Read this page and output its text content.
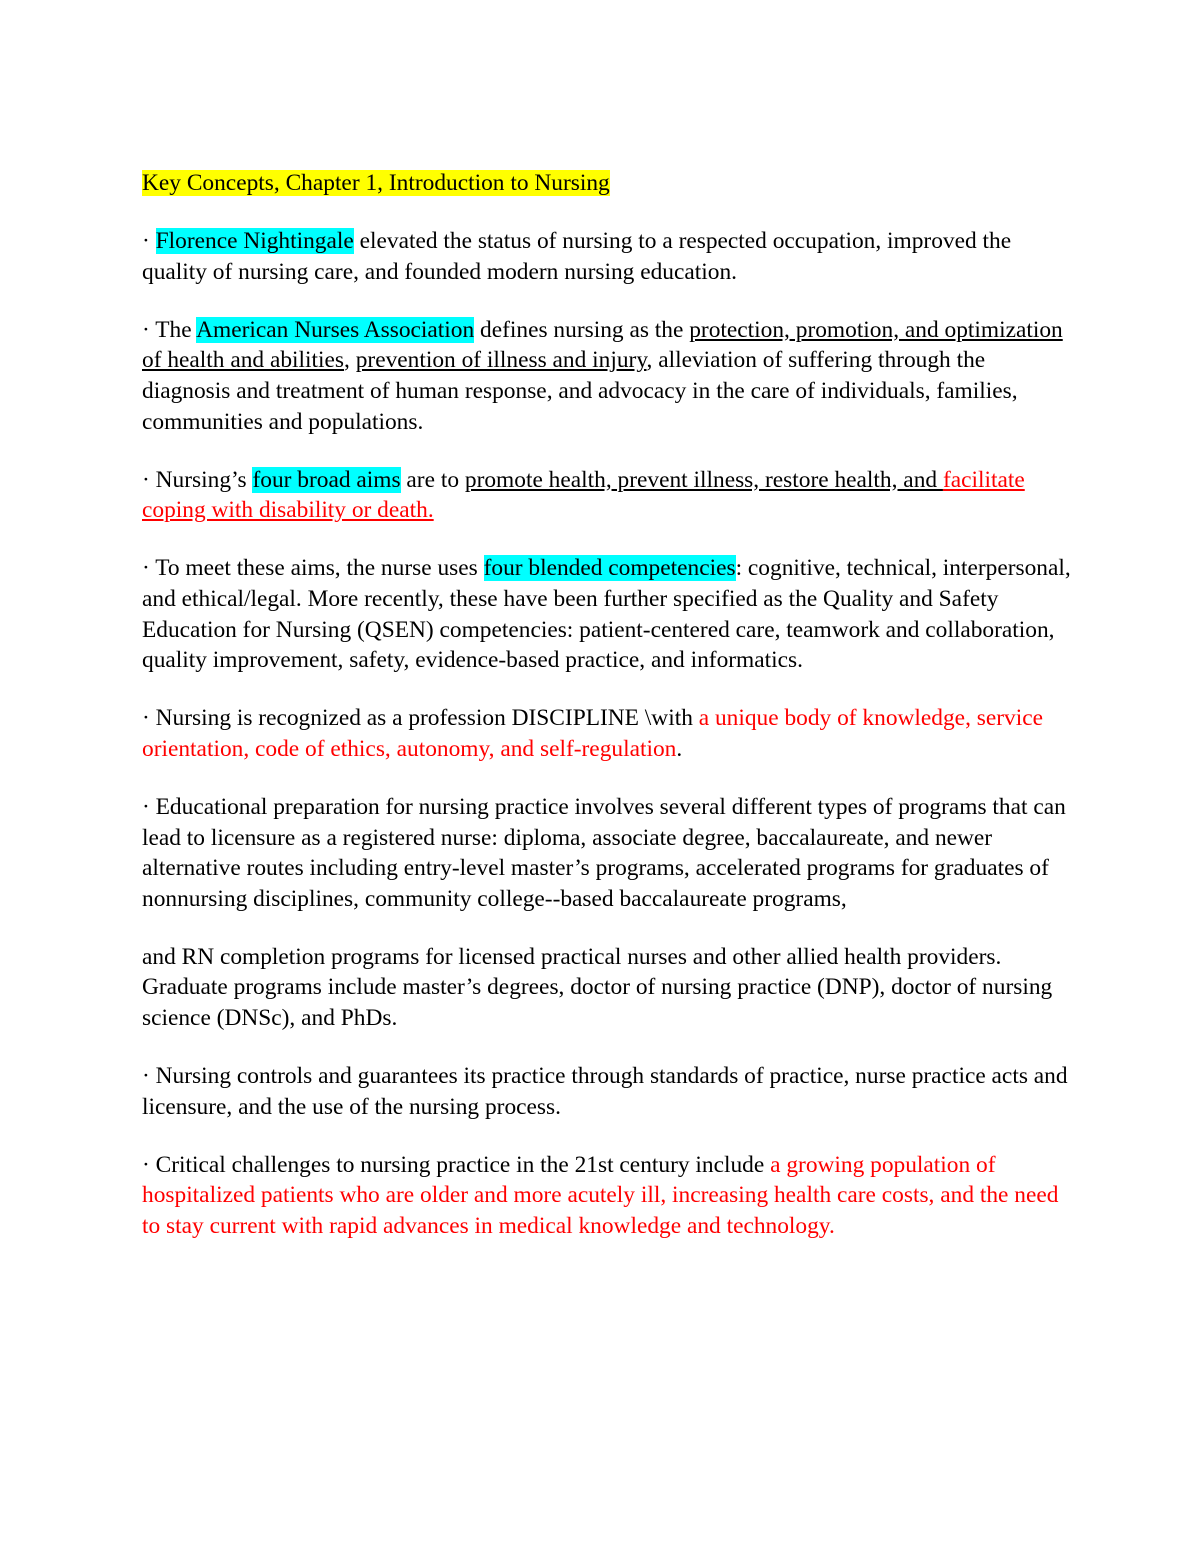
Key Concepts, Chapter 1, Introduction to Nursing

· Florence Nightingale elevated the status of nursing to a respected occupation, improved the quality of nursing care, and founded modern nursing education.

· The American Nurses Association defines nursing as the protection, promotion, and optimization of health and abilities, prevention of illness and injury, alleviation of suffering through the diagnosis and treatment of human response, and advocacy in the care of individuals, families, communities and populations.

· Nursing’s four broad aims are to promote health, prevent illness, restore health, and facilitate coping with disability or death.

· To meet these aims, the nurse uses four blended competencies: cognitive, technical, interpersonal, and ethical/legal. More recently, these have been further specified as the Quality and Safety Education for Nursing (QSEN) competencies: patient-centered care, teamwork and collaboration, quality improvement, safety, evidence-based practice, and informatics.

· Nursing is recognized as a profession DISCIPLINE \with a unique body of knowledge, service orientation, code of ethics, autonomy, and self-regulation.

· Educational preparation for nursing practice involves several different types of programs that can lead to licensure as a registered nurse: diploma, associate degree, baccalaureate, and newer alternative routes including entry-level master’s programs, accelerated programs for graduates of nonnursing disciplines, community college--based baccalaureate programs,

and RN completion programs for licensed practical nurses and other allied health providers. Graduate programs include master’s degrees, doctor of nursing practice (DNP), doctor of nursing science (DNSc), and PhDs.

· Nursing controls and guarantees its practice through standards of practice, nurse practice acts and licensure, and the use of the nursing process.

· Critical challenges to nursing practice in the 21st century include a growing population of hospitalized patients who are older and more acutely ill, increasing health care costs, and the need to stay current with rapid advances in medical knowledge and technology.
